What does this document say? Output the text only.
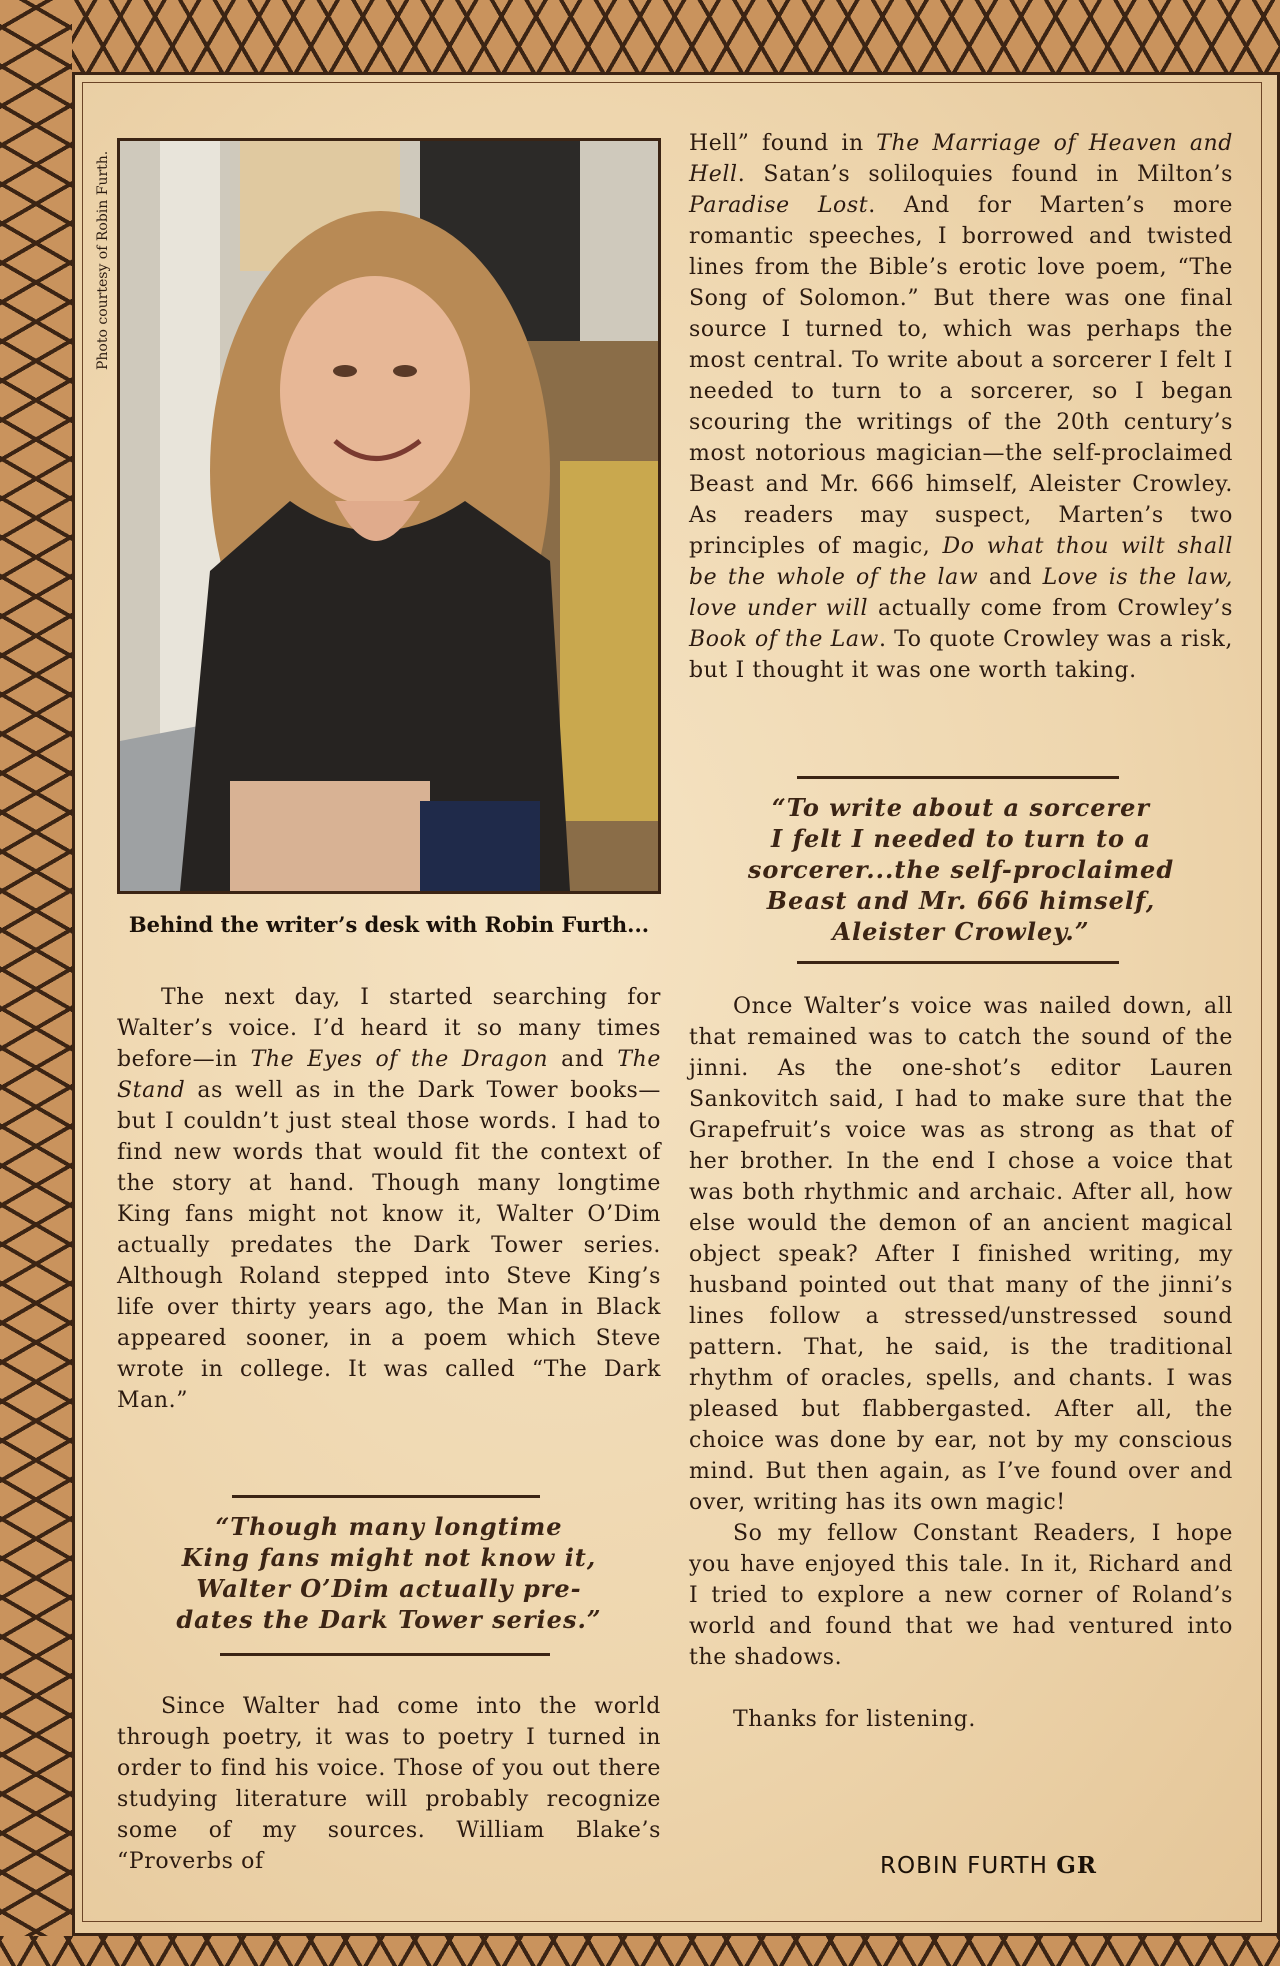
Photo courtesy of Robin Furth.
Behind the writer’s desk with Robin Furth...

The next day, I started searching for Walter’s voice. I’d heard it so many times before—in The Eyes of the Dragon and The Stand as well as in the Dark Tower books—but I couldn’t just steal those words. I had to find new words that would fit the context of the story at hand. Though many longtime King fans might not know it, Walter O’Dim actually predates the Dark Tower series. Although Roland stepped into Steve King’s life over thirty years ago, the Man in Black appeared sooner, in a poem which Steve wrote in college. It was called “The Dark Man.”

“Though many longtime
King fans might not know it,
Walter O’Dim actually pre-
dates the Dark Tower series.”

Since Walter had come into the world through poetry, it was to poetry I turned in order to find his voice. Those of you out there studying literature will probably recognize some of my sources. William Blake’s “Proverbs of

Hell” found in The Marriage of Heaven and Hell. Satan’s soliloquies found in Milton’s Paradise Lost. And for Marten’s more romantic speeches, I borrowed and twisted lines from the Bible’s erotic love poem, “The Song of Solomon.” But there was one final source I turned to, which was perhaps the most central. To write about a sorcerer I felt I needed to turn to a sorcerer, so I began scouring the writings of the 20th century’s most notorious magician—the self-proclaimed Beast and Mr. 666 himself, Aleister Crowley. As readers may suspect, Marten’s two principles of magic, Do what thou wilt shall be the whole of the law and Love is the law, love under will actually come from Crowley’s Book of the Law. To quote Crowley was a risk, but I thought it was one worth taking.

“To write about a sorcerer
I felt I needed to turn to a
sorcerer...the self-proclaimed
Beast and Mr. 666 himself,
Aleister Crowley.”

Once Walter’s voice was nailed down, all that remained was to catch the sound of the jinni. As the one-shot’s editor Lauren Sankovitch said, I had to make sure that the Grapefruit’s voice was as strong as that of her brother. In the end I chose a voice that was both rhythmic and archaic. After all, how else would the demon of an ancient magical object speak? After I finished writing, my husband pointed out that many of the jinni’s lines follow a stressed/unstressed sound pattern. That, he said, is the traditional rhythm of oracles, spells, and chants. I was pleased but flabbergasted. After all, the choice was done by ear, not by my conscious mind. But then again, as I’ve found over and over, writing has its own magic!

So my fellow Constant Readers, I hope you have enjoyed this tale. In it, Richard and I tried to explore a new corner of Roland’s world and found that we had ventured into the shadows.

Thanks for listening.

ROBIN FURTH GR
